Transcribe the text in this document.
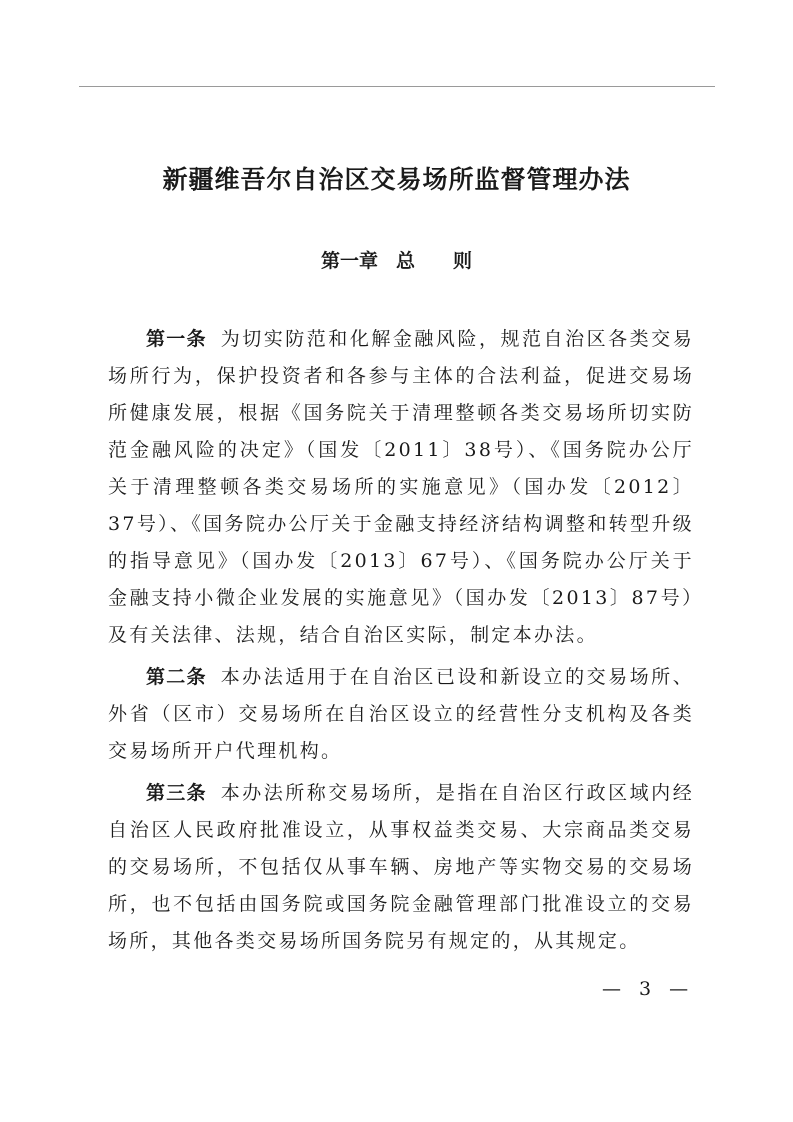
新疆维吾尔自治区交易场所监督管理办法
第一章 总 则

第一条 为切实防范和化解金融风险，规范自治区各类交易场所行为，保护投资者和各参与主体的合法利益，促进交易场所健康发展，根据《国务院关于清理整顿各类交易场所切实防范金融风险的决定》（国发〔2011〕38号）、《国务院办公厅关于清理整顿各类交易场所的实施意见》（国办发〔2012〕37号）、《国务院办公厅关于金融支持经济结构调整和转型升级的指导意见》（国办发〔2013〕67号）、《国务院办公厅关于金融支持小微企业发展的实施意见》（国办发〔2013〕87号）及有关法律、法规，结合自治区实际，制定本办法。

第二条 本办法适用于在自治区已设和新设立的交易场所、外省（区市）交易场所在自治区设立的经营性分支机构及各类交易场所开户代理机构。

第三条 本办法所称交易场所，是指在自治区行政区域内经自治区人民政府批准设立，从事权益类交易、大宗商品类交易的交易场所，不包括仅从事车辆、房地产等实物交易的交易场所，也不包括由国务院或国务院金融管理部门批准设立的交易场所，其他各类交易场所国务院另有规定的，从其规定。

— 3 —
